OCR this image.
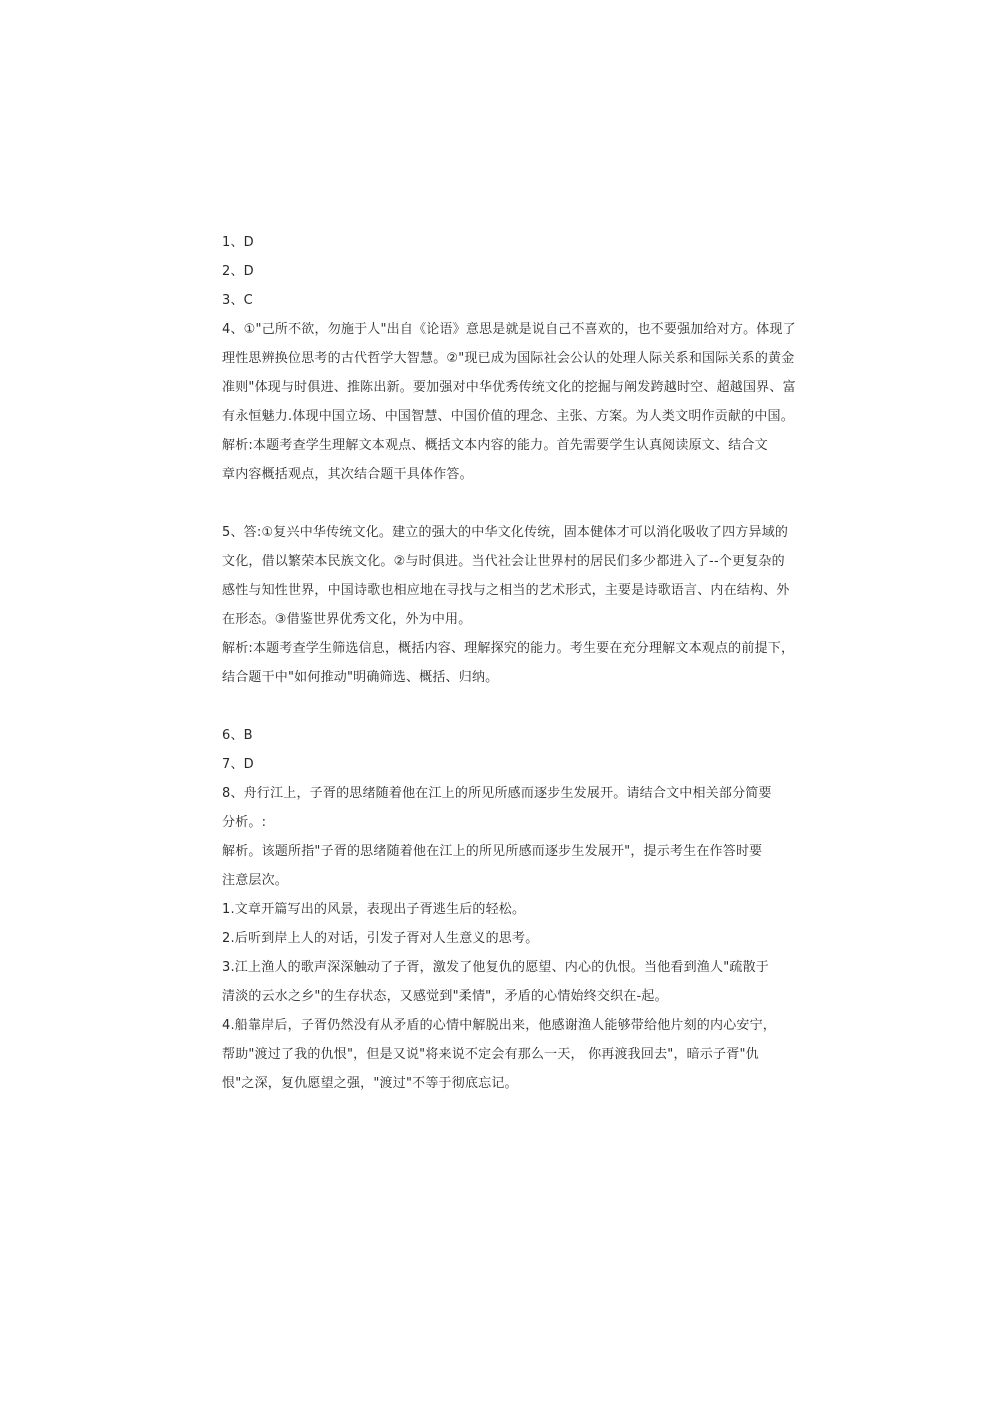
1、D
2、D
3、C
4、①"己所不欲，勿施于人"出自《论语》意思是就是说自己不喜欢的，也不要强加给对方。体现了
理性思辨换位思考的古代哲学大智慧。②"现已成为国际社会公认的处理人际关系和国际关系的黄金
准则"体现与时俱进、推陈出新。要加强对中华优秀传统文化的挖掘与阐发跨越时空、超越国界、富
有永恒魅力.体现中国立场、中国智慧、中国价值的理念、主张、方案。为人类文明作贡献的中国。
解析:本题考查学生理解文本观点、概括文本内容的能力。首先需要学生认真阅读原文、结合文
章内容概括观点，其次结合题干具体作答。
5、答:①复兴中华传统文化。建立的强大的中华文化传统，固本健体才可以消化吸收了四方异域的
文化，借以繁荣本民族文化。②与时俱进。当代社会让世界村的居民们多少都进入了--个更复杂的
感性与知性世界，中国诗歌也相应地在寻找与之相当的艺术形式，主要是诗歌语言、内在结构、外
在形态。③借鉴世界优秀文化，外为中用。
解析:本题考查学生筛选信息，概括内容、理解探究的能力。考生要在充分理解文本观点的前提下，
结合题干中"如何推动"明确筛选、概括、归纳。
6、B
7、D
8、舟行江上，子胥的思绪随着他在江上的所见所感而逐步生发展开。请结合文中相关部分简要
分析。:
解析。该题所指"子胥的思绪随着他在江上的所见所感而逐步生发展开"，提示考生在作答时要
注意层次。
1.文章开篇写出的风景，表现出子胥逃生后的轻松。
2.后听到岸上人的对话，引发子胥对人生意义的思考。
3.江上渔人的歌声深深触动了子胥，激发了他复仇的愿望、内心的仇恨。当他看到渔人"疏散于
清淡的云水之乡"的生存状态，又感觉到"柔情"，矛盾的心情始终交织在-起。
4.船靠岸后，子胥仍然没有从矛盾的心情中解脱出来，他感谢渔人能够带给他片刻的内心安宁，
帮助"渡过了我的仇恨"，但是又说"将来说不定会有那么一天， 你再渡我回去"，暗示子胥"仇
恨"之深，复仇愿望之强，"渡过"不等于彻底忘记。
